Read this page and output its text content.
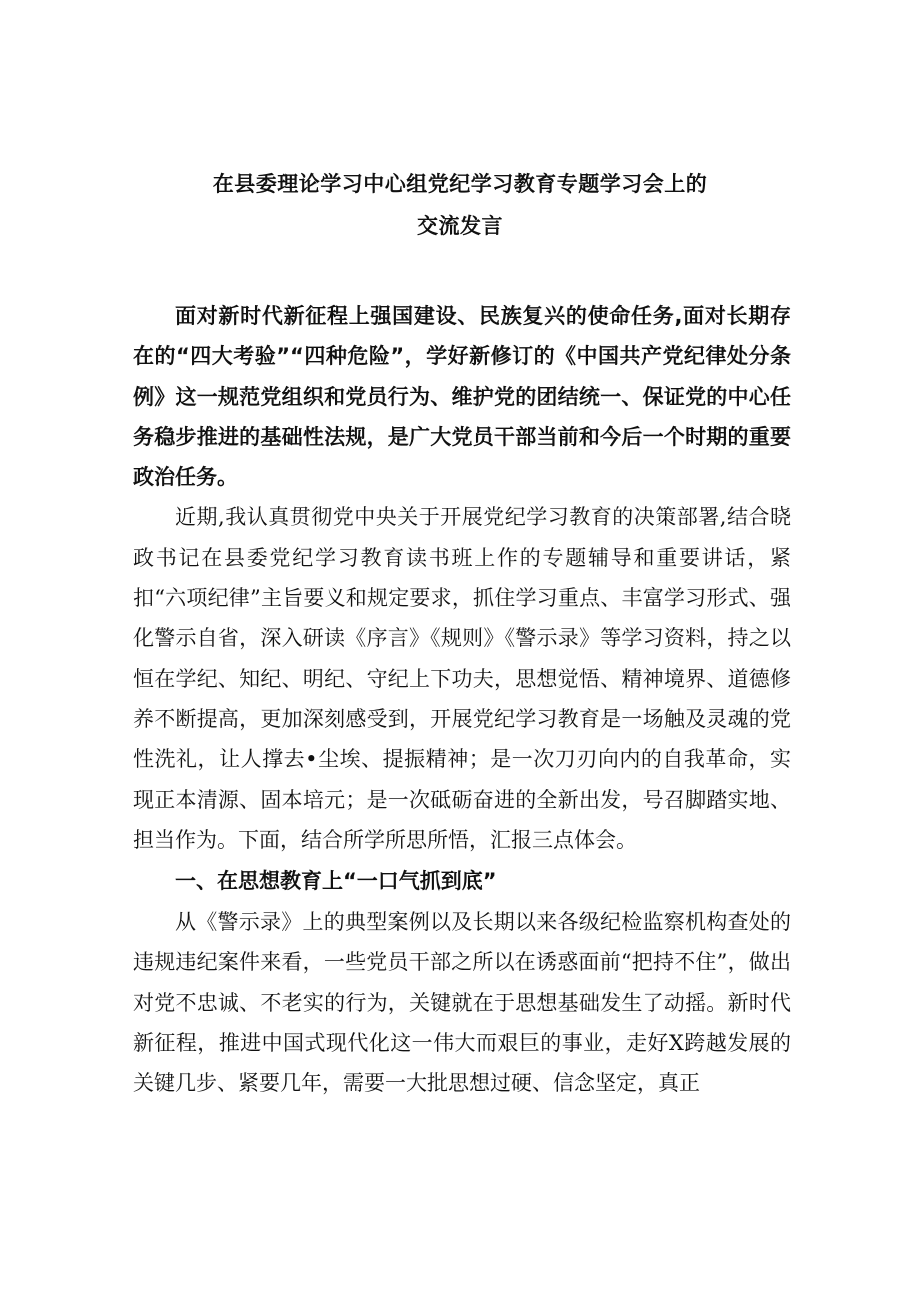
在县委理论学习中心组党纪学习教育专题学习会上的
交流发言

面对新时代新征程上强国建设、民族复兴的使命任务,面对长期存在的“四大考验”“四种危险”，学好新修订的《中国共产党纪律处分条例》这一规范党组织和党员行为、维护党的团结统一、保证党的中心任务稳步推进的基础性法规，是广大党员干部当前和今后一个时期的重要政治任务。

近期,我认真贯彻党中央关于开展党纪学习教育的决策部署,结合晓政书记在县委党纪学习教育读书班上作的专题辅导和重要讲话，紧扣“六项纪律”主旨要义和规定要求，抓住学习重点、丰富学习形式、强化警示自省，深入研读《序言》《规则》《警示录》等学习资料，持之以恒在学纪、知纪、明纪、守纪上下功夫，思想觉悟、精神境界、道德修养不断提高，更加深刻感受到，开展党纪学习教育是一场触及灵魂的党性洗礼，让人撑去•尘埃、提振精神；是一次刀刃向内的自我革命，实现正本清源、固本培元；是一次砥砺奋进的全新出发，号召脚踏实地、担当作为。下面，结合所学所思所悟，汇报三点体会。

一、在思想教育上“一口气抓到底”

从《警示录》上的典型案例以及长期以来各级纪检监察机构查处的违规违纪案件来看，一些党员干部之所以在诱惑面前“把持不住”，做出对党不忠诚、不老实的行为，关键就在于思想基础发生了动摇。新时代新征程，推进中国式现代化这一伟大而艰巨的事业，走好X跨越发展的关键几步、紧要几年，需要一大批思想过硬、信念坚定，真正
